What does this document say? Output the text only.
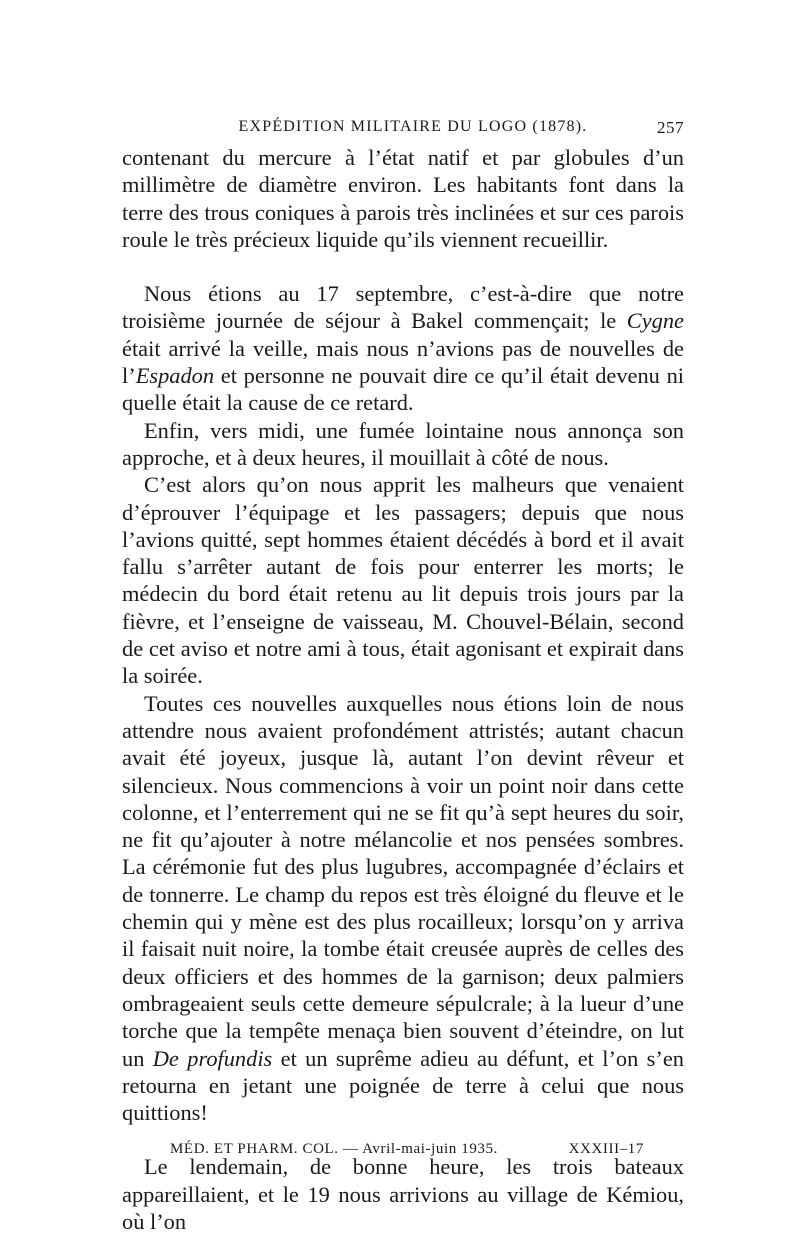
EXPÉDITION MILITAIRE DU LOGO (1878).	257

contenant du mercure à l’état natif et par globules d’un millimètre de diamètre environ. Les habitants font dans la terre des trous coniques à parois très inclinées et sur ces parois roule le très précieux liquide qu’ils viennent recueillir.

Nous étions au 17 septembre, c’est-à-dire que notre troisième journée de séjour à Bakel commençait; le Cygne était arrivé la veille, mais nous n’avions pas de nouvelles de l’Espadon et personne ne pouvait dire ce qu’il était devenu ni quelle était la cause de ce retard.

Enfin, vers midi, une fumée lointaine nous annonça son approche, et à deux heures, il mouillait à côté de nous.

C’est alors qu’on nous apprit les malheurs que venaient d’éprouver l’équipage et les passagers; depuis que nous l’avions quitté, sept hommes étaient décédés à bord et il avait fallu s’arrêter autant de fois pour enterrer les morts; le médecin du bord était retenu au lit depuis trois jours par la fièvre, et l’enseigne de vaisseau, M. Chouvel-Bélain, second de cet aviso et notre ami à tous, était agonisant et expirait dans la soirée.

Toutes ces nouvelles auxquelles nous étions loin de nous attendre nous avaient profondément attristés; autant chacun avait été joyeux, jusque là, autant l’on devint rêveur et silencieux. Nous commencions à voir un point noir dans cette colonne, et l’enterrement qui ne se fit qu’à sept heures du soir, ne fit qu’ajouter à notre mélancolie et nos pensées sombres. La cérémonie fut des plus lugubres, accompagnée d’éclairs et de tonnerre. Le champ du repos est très éloigné du fleuve et le chemin qui y mène est des plus rocailleux; lorsqu’on y arriva il faisait nuit noire, la tombe était creusée auprès de celles des deux officiers et des hommes de la garnison; deux palmiers ombrageaient seuls cette demeure sépulcrale; à la lueur d’une torche que la tempête menaça bien souvent d’éteindre, on lut un De profundis et un suprême adieu au défunt, et l’on s’en retourna en jetant une poignée de terre à celui que nous quittions!

Le lendemain, de bonne heure, les trois bateaux appareillaient, et le 19 nous arrivions au village de Kémiou, où l’on

MÉD. ET PHARM. COL. — Avril-mai-juin 1935.	XXXIII–17
